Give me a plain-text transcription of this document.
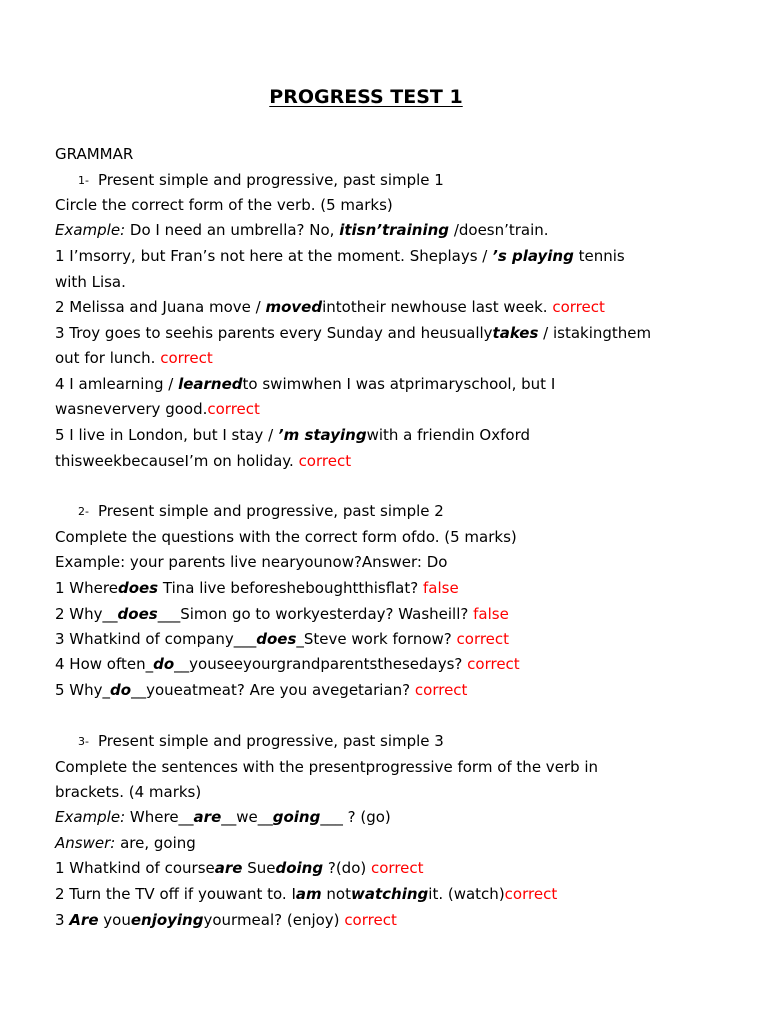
PROGRESS TEST 1
GRAMMAR
1- Present simple and progressive, past simple 1
Circle the correct form of the verb. (5 marks)
Example: Do I need an umbrella? No, itisn’training /doesn’train.
1 I’msorry, but Fran’s not here at the moment. Sheplays / ’s playing tennis
with Lisa.
2 Melissa and Juana move / movedintotheir newhouse last week. correct
3 Troy goes to seehis parents every Sunday and heusuallytakes / istakingthem
out for lunch. correct
4 I amlearning / learnedto swimwhen I was atprimaryschool, but I
wasneververy good.correct
5 I live in London, but I stay / ’m stayingwith a friendin Oxford
thisweekbecauseI’m on holiday. correct
2- Present simple and progressive, past simple 2
Complete the questions with the correct form ofdo. (5 marks)
Example: your parents live nearyounow?Answer: Do
1 Wheredoes Tina live beforesheboughtthisflat? false
2 Why__does___Simon go to workyesterday? Washeill? false
3 Whatkind of company___does_Steve work fornow? correct
4 How often_do__youseeyourgrandparentsthesedays? correct
5 Why_do__youeatmeat? Are you avegetarian? correct
3- Present simple and progressive, past simple 3
Complete the sentences with the presentprogressive form of the verb in
brackets. (4 marks)
Example: Where__are__we__going___ ? (go)
Answer: are, going
1 Whatkind of courseare Suedoing ?(do) correct
2 Turn the TV off if youwant to. Iam notwatchingit. (watch)correct
3 Are youenjoyingyourmeal? (enjoy) correct
